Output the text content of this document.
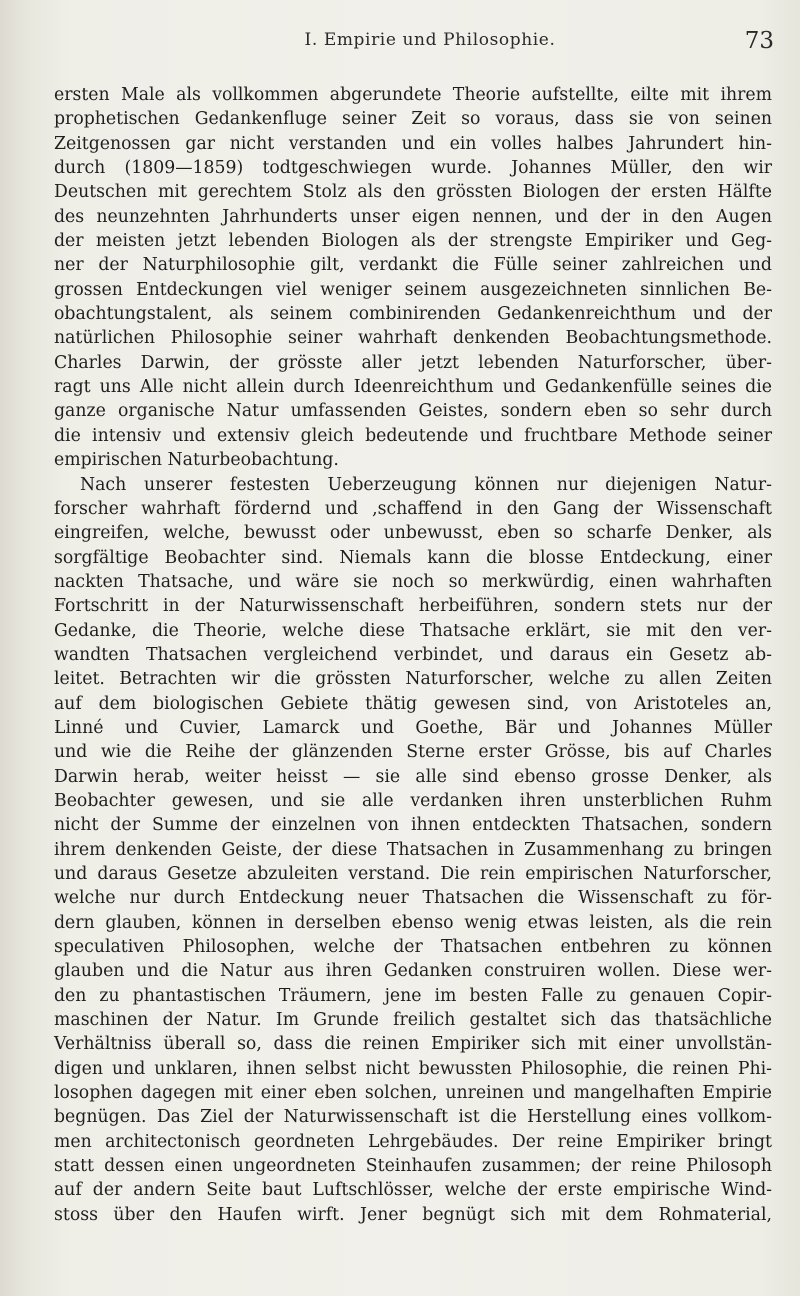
I. Empirie und Philosophie.	73
ersten Male als vollkommen abgerundete Theorie aufstellte, eilte mit ihrem
prophetischen Gedankenfluge seiner Zeit so voraus, dass sie von seinen
Zeitgenossen gar nicht verstanden und ein volles halbes Jahrundert hin-
durch (1809—1859) todtgeschwiegen wurde. Johannes Müller, den wir
Deutschen mit gerechtem Stolz als den grössten Biologen der ersten Hälfte
des neunzehnten Jahrhunderts unser eigen nennen, und der in den Augen
der meisten jetzt lebenden Biologen als der strengste Empiriker und Geg-
ner der Naturphilosophie gilt, verdankt die Fülle seiner zahlreichen und
grossen Entdeckungen viel weniger seinem ausgezeichneten sinnlichen Be-
obachtungstalent, als seinem combinirenden Gedankenreichthum und der
natürlichen Philosophie seiner wahrhaft denkenden Beobachtungsmethode.
Charles Darwin, der grösste aller jetzt lebenden Naturforscher, über-
ragt uns Alle nicht allein durch Ideenreichthum und Gedankenfülle seines die
ganze organische Natur umfassenden Geistes, sondern eben so sehr durch
die intensiv und extensiv gleich bedeutende und fruchtbare Methode seiner
empirischen Naturbeobachtung.
Nach unserer festesten Ueberzeugung können nur diejenigen Natur-
forscher wahrhaft fördernd und ,schaffend in den Gang der Wissenschaft
eingreifen, welche, bewusst oder unbewusst, eben so scharfe Denker, als
sorgfältige Beobachter sind. Niemals kann die blosse Entdeckung, einer
nackten Thatsache, und wäre sie noch so merkwürdig, einen wahrhaften
Fortschritt in der Naturwissenschaft herbeiführen, sondern stets nur der
Gedanke, die Theorie, welche diese Thatsache erklärt, sie mit den ver-
wandten Thatsachen vergleichend verbindet, und daraus ein Gesetz ab-
leitet. Betrachten wir die grössten Naturforscher, welche zu allen Zeiten
auf dem biologischen Gebiete thätig gewesen sind, von Aristoteles an,
Linné und Cuvier, Lamarck und Goethe, Bär und Johannes Müller
und wie die Reihe der glänzenden Sterne erster Grösse, bis auf Charles
Darwin herab, weiter heisst — sie alle sind ebenso grosse Denker, als
Beobachter gewesen, und sie alle verdanken ihren unsterblichen Ruhm
nicht der Summe der einzelnen von ihnen entdeckten Thatsachen, sondern
ihrem denkenden Geiste, der diese Thatsachen in Zusammenhang zu bringen
und daraus Gesetze abzuleiten verstand. Die rein empirischen Naturforscher,
welche nur durch Entdeckung neuer Thatsachen die Wissenschaft zu för-
dern glauben, können in derselben ebenso wenig etwas leisten, als die rein
speculativen Philosophen, welche der Thatsachen entbehren zu können
glauben und die Natur aus ihren Gedanken construiren wollen. Diese wer-
den zu phantastischen Träumern, jene im besten Falle zu genauen Copir-
maschinen der Natur. Im Grunde freilich gestaltet sich das thatsächliche
Verhältniss überall so, dass die reinen Empiriker sich mit einer unvollstän-
digen und unklaren, ihnen selbst nicht bewussten Philosophie, die reinen Phi-
losophen dagegen mit einer eben solchen, unreinen und mangelhaften Empirie
begnügen. Das Ziel der Naturwissenschaft ist die Herstellung eines vollkom-
men architectonisch geordneten Lehrgebäudes. Der reine Empiriker bringt
statt dessen einen ungeordneten Steinhaufen zusammen; der reine Philosoph
auf der andern Seite baut Luftschlösser, welche der erste empirische Wind-
stoss über den Haufen wirft. Jener begnügt sich mit dem Rohmaterial,
